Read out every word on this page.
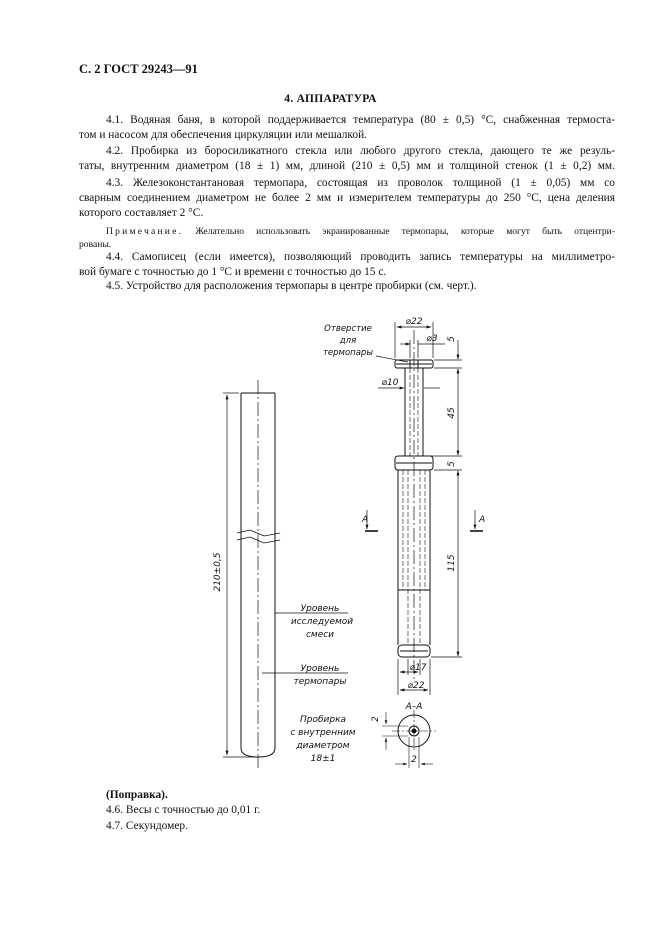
С. 2 ГОСТ 29243—91
4. АППАРАТУРА
4.1. Водяная баня, в которой поддерживается температура (80 ± 0,5) °С, снабженная термоста-
том и насосом для обеспечения циркуляции или мешалкой.
4.2. Пробирка из боросиликатного стекла или любого другого стекла, дающего те же резуль-
таты, внутренним диаметром (18 ± 1) мм, длиной (210 ± 0,5) мм и толщиной стенок (1 ± 0,2) мм.
4.3. Железоконстантановая термопара, состоящая из проволок толщиной (1 ± 0,05) мм со
сварным соединением диаметром не более 2 мм и измерителем температуры до 250 °С, цена деления
которого составляет 2 °С.
Примечание. Желательно использовать экранированные термопары, которые могут быть отцентри-
рованы.
4.4. Самописец (если имеется), позволяющий проводить запись температуры на миллиметро-
вой бумаге с точностью до 1 °С и времени с точностью до 15 с.
4.5. Устройство для расположения термопары в центре пробирки (см. черт.).
Отверстие
для
термопары
⌀22
⌀3 5
⌀10
45
5
А	А
115
⌀17
⌀22
210±0,5
Уровень
исследуемой
смеси
Уровень
термопары
Пробирка
с внутренним
диаметром
18±1
А–А
2
2
(Поправка).
4.6. Весы с точностью до 0,01 г.
4.7. Секундомер.
